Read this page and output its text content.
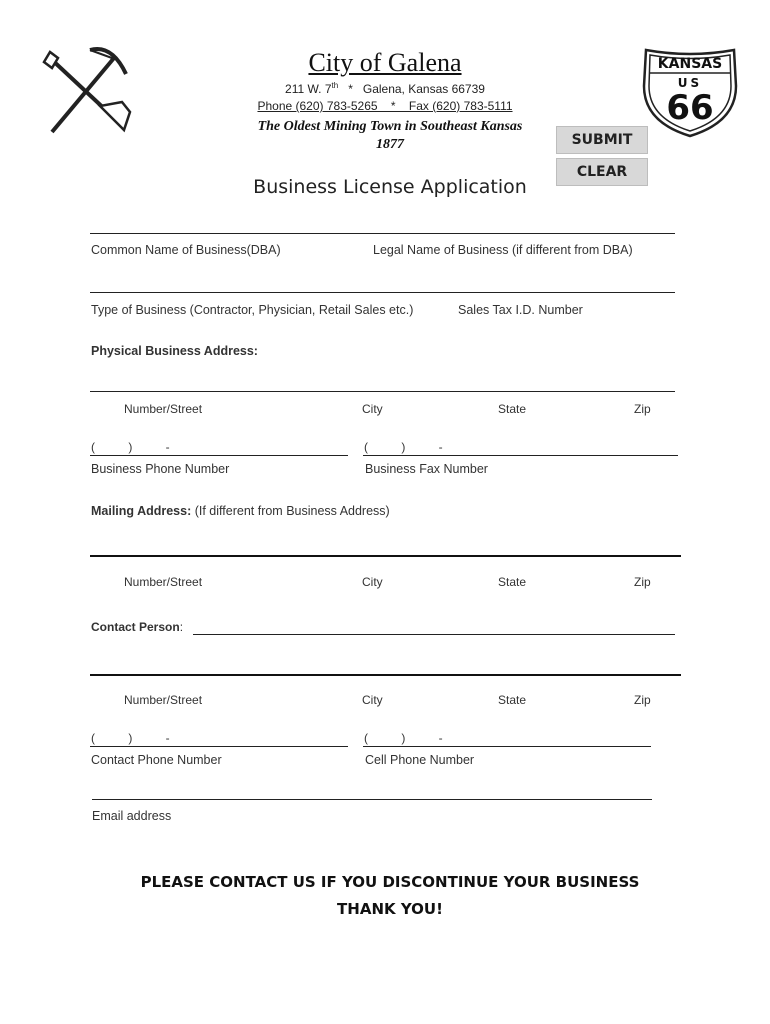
City of Galena
211 W. 7th   *   Galena, Kansas 66739
Phone (620) 783-5265    *    Fax (620) 783-5111
The Oldest Mining Town in Southeast Kansas
1877
KANSAS
US
66
SUBMIT
CLEAR
Business License Application
Common Name of Business(DBA)	Legal Name of Business (if different from DBA)
Type of Business (Contractor, Physician, Retail Sales etc.)	Sales Tax I.D. Number
Physical Business Address:
Number/Street	City	State	Zip
(          )          -	(          )          -
Business Phone Number	Business Fax Number
Mailing Address: (If different from Business Address)
Number/Street	City	State	Zip
Contact Person:
Number/Street	City	State	Zip
(          )          -	(          )          -
Contact Phone Number	Cell Phone Number
Email address
PLEASE CONTACT US IF YOU DISCONTINUE YOUR BUSINESS
THANK YOU!
